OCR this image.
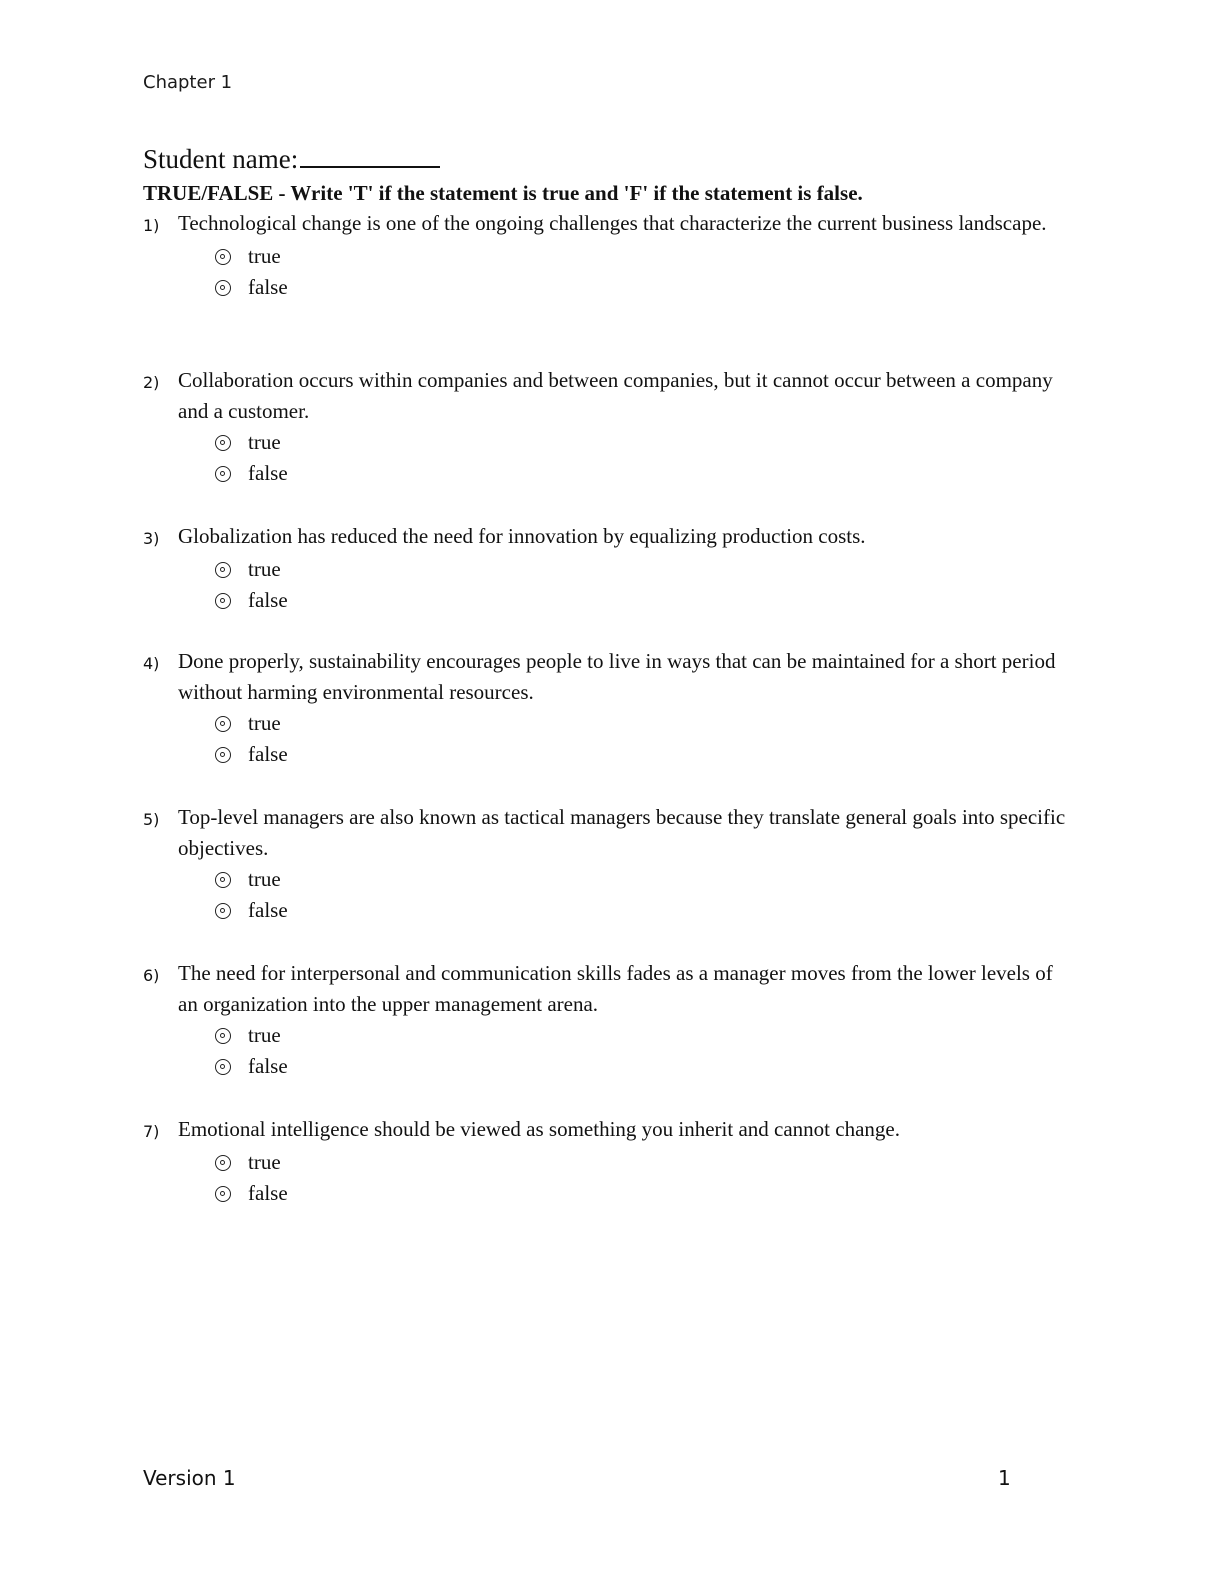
Chapter 1
Student name:
TRUE/FALSE - Write 'T' if the statement is true and 'F' if the statement is false.
1) Technological change is one of the ongoing challenges that characterize the current business landscape.
true
false
2) Collaboration occurs within companies and between companies, but it cannot occur between a company and a customer.
true
false
3) Globalization has reduced the need for innovation by equalizing production costs.
true
false
4) Done properly, sustainability encourages people to live in ways that can be maintained for a short period without harming environmental resources.
true
false
5) Top-level managers are also known as tactical managers because they translate general goals into specific objectives.
true
false
6) The need for interpersonal and communication skills fades as a manager moves from the lower levels of an organization into the upper management arena.
true
false
7) Emotional intelligence should be viewed as something you inherit and cannot change.
true
false
Version 1	1
